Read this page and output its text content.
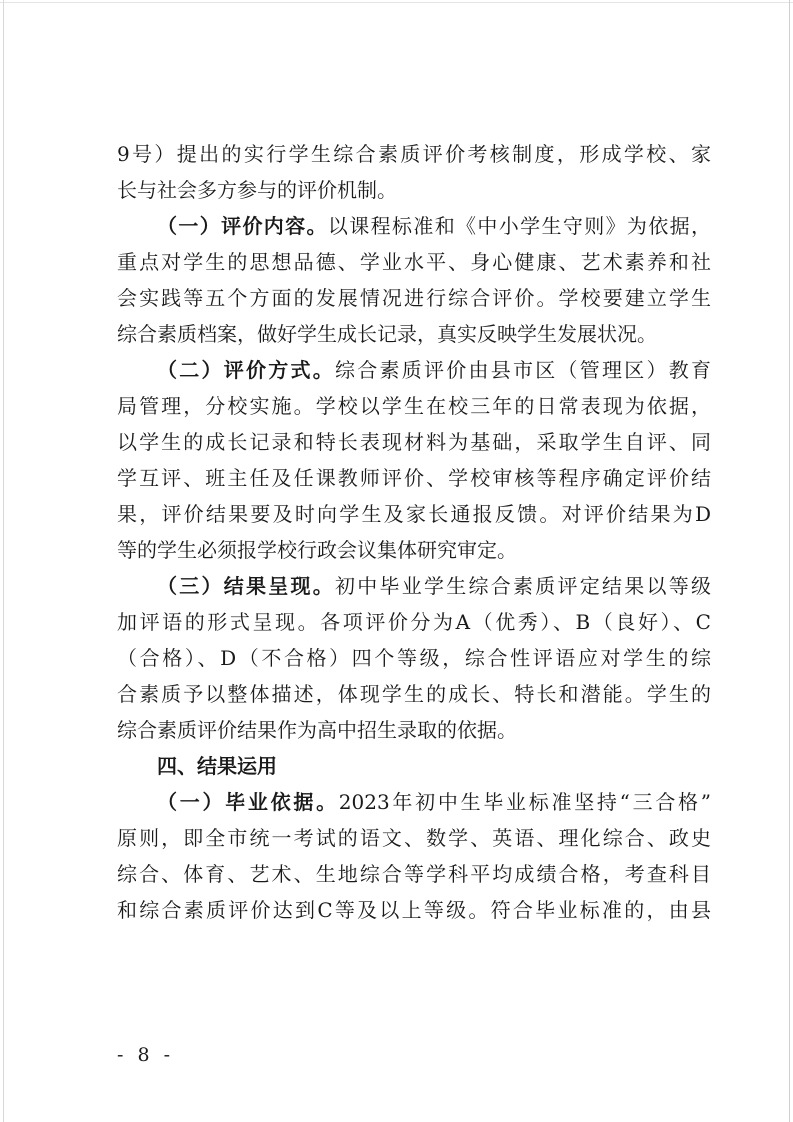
9号）提出的实行学生综合素质评价考核制度，形成学校、家
长与社会多方参与的评价机制。
（一）评价内容。以课程标准和《中小学生守则》为依据，
重点对学生的思想品德、学业水平、身心健康、艺术素养和社
会实践等五个方面的发展情况进行综合评价。学校要建立学生
综合素质档案，做好学生成长记录，真实反映学生发展状况。
（二）评价方式。综合素质评价由县市区（管理区）教育
局管理，分校实施。学校以学生在校三年的日常表现为依据，
以学生的成长记录和特长表现材料为基础，采取学生自评、同
学互评、班主任及任课教师评价、学校审核等程序确定评价结
果，评价结果要及时向学生及家长通报反馈。对评价结果为D
等的学生必须报学校行政会议集体研究审定。
（三）结果呈现。初中毕业学生综合素质评定结果以等级
加评语的形式呈现。各项评价分为A（优秀）、B（良好）、C
（合格）、D（不合格）四个等级，综合性评语应对学生的综
合素质予以整体描述，体现学生的成长、特长和潜能。学生的
综合素质评价结果作为高中招生录取的依据。
四、结果运用
（一）毕业依据。2023年初中生毕业标准坚持“三合格”
原则，即全市统一考试的语文、数学、英语、理化综合、政史
综合、体育、艺术、生地综合等学科平均成绩合格，考查科目
和综合素质评价达到C等及以上等级。符合毕业标准的，由县
- 8 -
